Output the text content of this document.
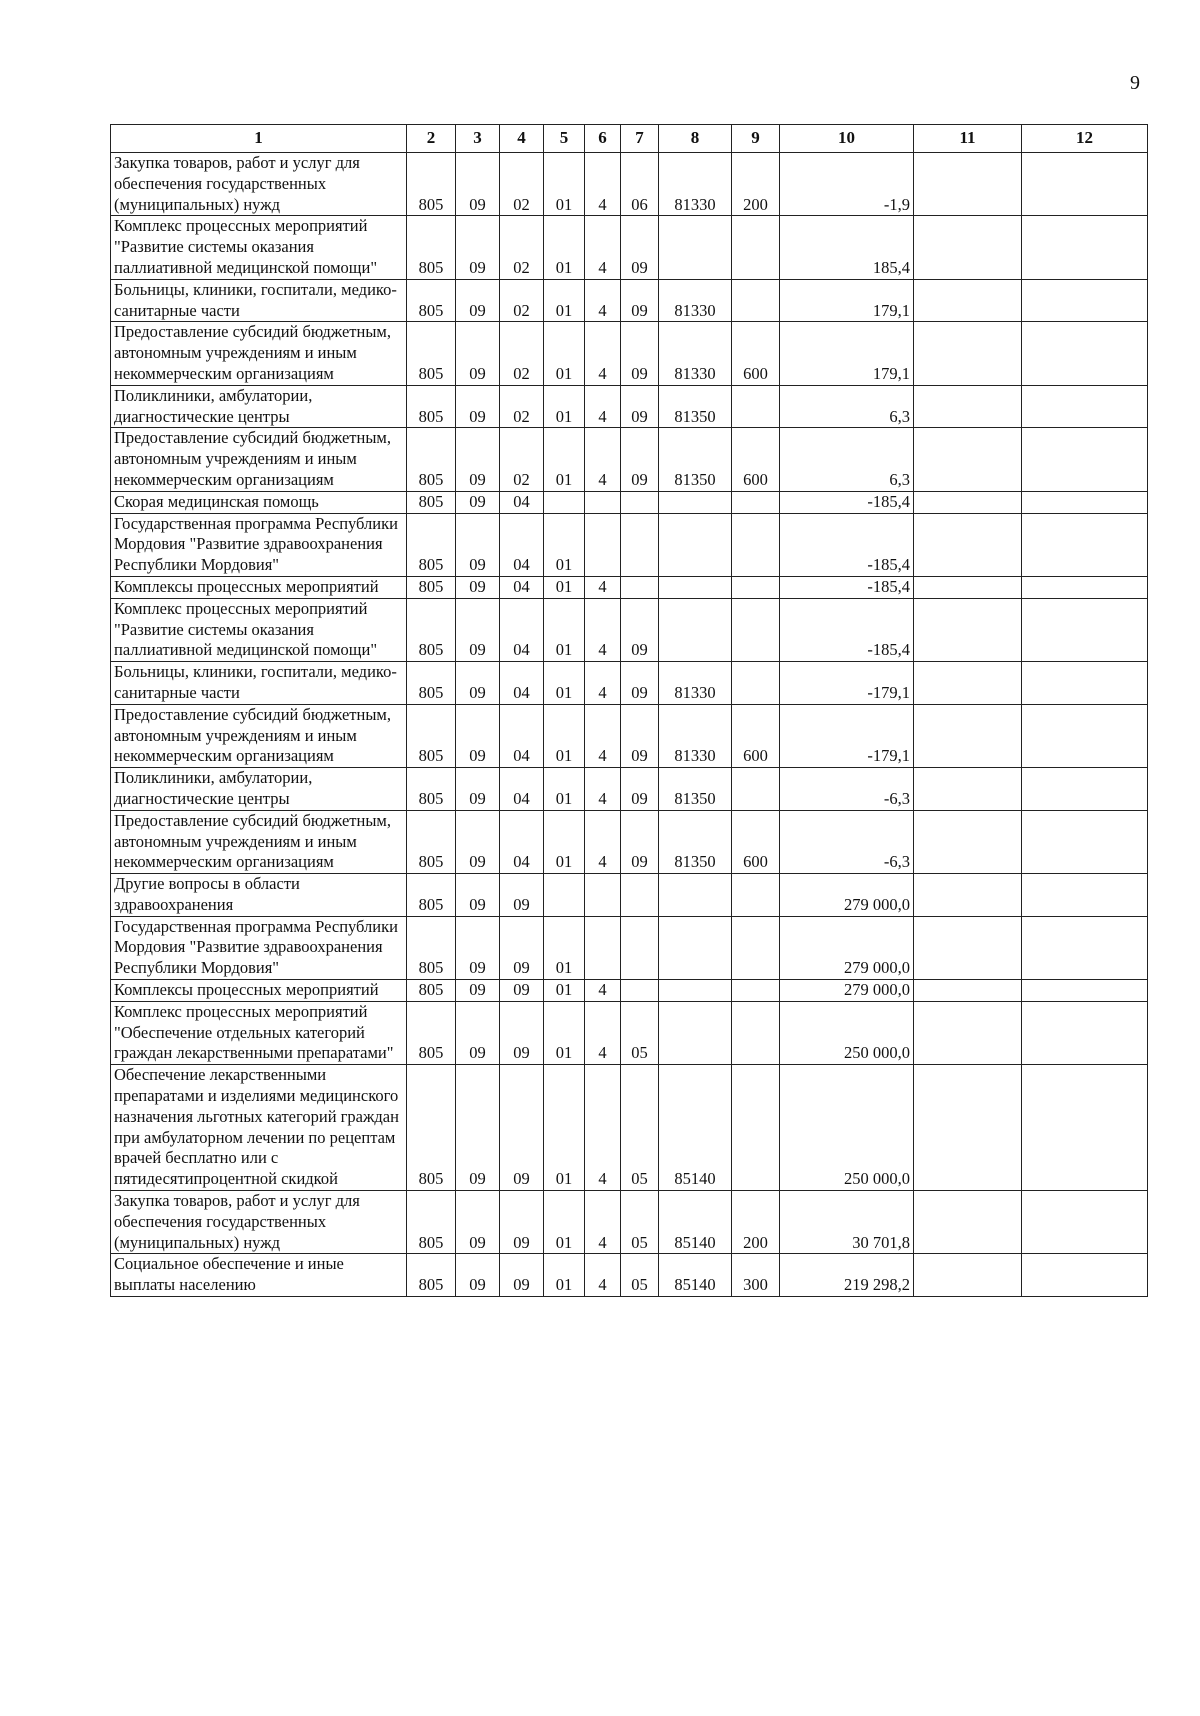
9
1	2	3	4	5	6	7	8	9	10	11	12
Закупка товаров, работ и услуг для обеспечения государственных (муниципальных) нужд	805	09	02	01	4	06	81330	200	-1,9		
Комплекс процессных мероприятий "Развитие системы оказания паллиативной медицинской помощи"	805	09	02	01	4	09			185,4		
Больницы, клиники, госпитали, медико-санитарные части	805	09	02	01	4	09	81330		179,1		
Предоставление субсидий бюджетным, автономным учреждениям и иным некоммерческим организациям	805	09	02	01	4	09	81330	600	179,1		
Поликлиники, амбулатории, диагностические центры	805	09	02	01	4	09	81350		6,3		
Предоставление субсидий бюджетным, автономным учреждениям и иным некоммерческим организациям	805	09	02	01	4	09	81350	600	6,3		
Скорая медицинская помощь	805	09	04						-185,4		
Государственная программа Республики Мордовия "Развитие здравоохранения Республики Мордовия"	805	09	04	01					-185,4		
Комплексы процессных мероприятий	805	09	04	01	4				-185,4		
Комплекс процессных мероприятий "Развитие системы оказания паллиативной медицинской помощи"	805	09	04	01	4	09			-185,4		
Больницы, клиники, госпитали, медико-санитарные части	805	09	04	01	4	09	81330		-179,1		
Предоставление субсидий бюджетным, автономным учреждениям и иным некоммерческим организациям	805	09	04	01	4	09	81330	600	-179,1		
Поликлиники, амбулатории, диагностические центры	805	09	04	01	4	09	81350		-6,3		
Предоставление субсидий бюджетным, автономным учреждениям и иным некоммерческим организациям	805	09	04	01	4	09	81350	600	-6,3		
Другие вопросы в области здравоохранения	805	09	09						279 000,0		
Государственная программа Республики Мордовия "Развитие здравоохранения Республики Мордовия"	805	09	09	01					279 000,0		
Комплексы процессных мероприятий	805	09	09	01	4				279 000,0		
Комплекс процессных мероприятий "Обеспечение отдельных категорий граждан лекарственными препаратами"	805	09	09	01	4	05			250 000,0		
Обеспечение лекарственными препаратами и изделиями медицинского назначения льготных категорий граждан при амбулаторном лечении по рецептам врачей бесплатно или с пятидесятипроцентной скидкой	805	09	09	01	4	05	85140		250 000,0		
Закупка товаров, работ и услуг для обеспечения государственных (муниципальных) нужд	805	09	09	01	4	05	85140	200	30 701,8		
Социальное обеспечение и иные выплаты населению	805	09	09	01	4	05	85140	300	219 298,2		
